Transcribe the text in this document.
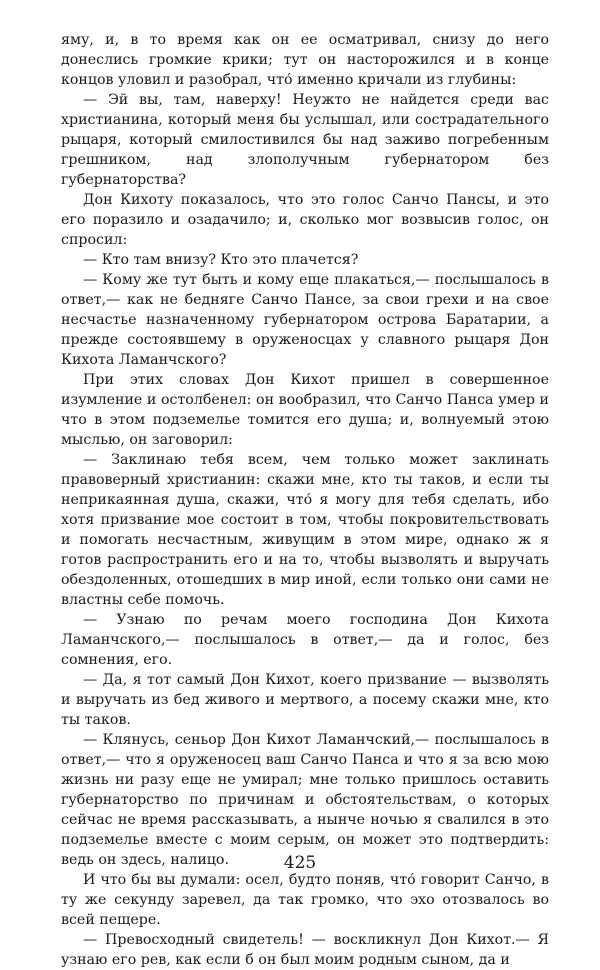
яму, и, в то время как он ее осматривал, снизу до него донеслись громкие крики; тут он насторожился и в конце концов уловил и разобрал, что́ именно кричали из глубины:

— Эй вы, там, наверху! Неужто не найдется среди вас христианина, который меня бы услышал, или сострадательного рыцаря, который смилостивился бы над заживо погребенным грешником, над злополучным губернатором без губернаторства?

Дон Кихоту показалось, что это голос Санчо Пансы, и это его поразило и озадачило; и, сколько мог возвысив голос, он спросил:

— Кто там внизу? Кто это плачется?

— Кому же тут быть и кому еще плакаться,— послышалось в ответ,— как не бедняге Санчо Пансе, за свои грехи и на свое несчастье назначенному губернатором острова Баратарии, а прежде состоявшему в оруженосцах у славного рыцаря Дон Кихота Ламанчского?

При этих словах Дон Кихот пришел в совершенное изумление и остолбенел: он вообразил, что Санчо Панса умер и что в этом подземелье томится его душа; и, волнуемый этою мыслью, он заговорил:

— Заклинаю тебя всем, чем только может заклинать правоверный христианин: скажи мне, кто ты таков, и если ты неприкаянная душа, скажи, что́ я могу для тебя сделать, ибо хотя призвание мое состоит в том, чтобы покровительствовать и помогать несчастным, живущим в этом мире, однако ж я готов распространить его и на то, чтобы вызволять и выручать обездоленных, отошедших в мир иной, если только они сами не властны себе помочь.

— Узнаю по речам моего господина Дон Кихота Ламанчского,— послышалось в ответ,— да и голос, без сомнения, его.

— Да, я тот самый Дон Кихот, коего призвание — вызволять и выручать из бед живого и мертвого, а посему скажи мне, кто ты таков.

— Клянусь, сеньор Дон Кихот Ламанчский,— послышалось в ответ,— что я оруженосец ваш Санчо Панса и что я за всю мою жизнь ни разу еще не умирал; мне только пришлось оставить губернаторство по причинам и обстоятельствам, о которых сейчас не время рассказывать, а нынче ночью я свалился в это подземелье вместе с моим серым, он может это подтвердить: ведь он здесь, налицо.

И что бы вы думали: осел, будто поняв, что́ говорит Санчо, в ту же секунду заревел, да так громко, что эхо отозвалось во всей пещере.

— Превосходный свидетель! — воскликнул Дон Кихот.— Я узнаю его рев, как если б он был моим родным сыном, да и

425
